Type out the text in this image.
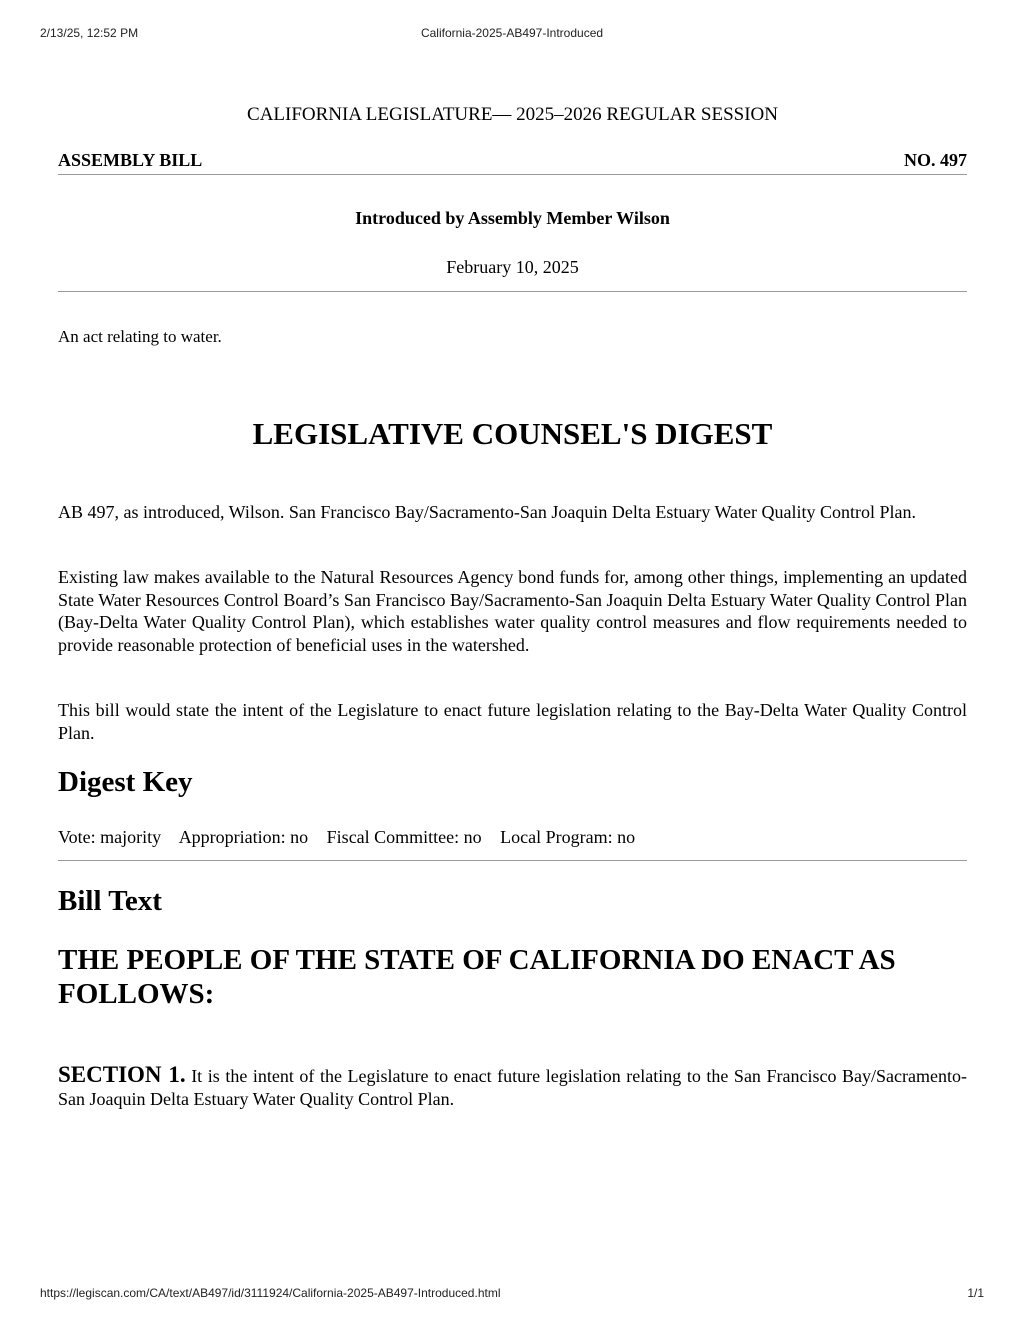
2/13/25, 12:52 PM	California-2025-AB497-Introduced
CALIFORNIA LEGISLATURE— 2025–2026 REGULAR SESSION
ASSEMBLY BILL	NO. 497
Introduced by Assembly Member Wilson
February 10, 2025
An act relating to water.
LEGISLATIVE COUNSEL'S DIGEST

AB 497, as introduced, Wilson. San Francisco Bay/Sacramento-San Joaquin Delta Estuary Water Quality Control Plan.

Existing law makes available to the Natural Resources Agency bond funds for, among other things, implementing an updated State Water Resources Control Board’s San Francisco Bay/Sacramento-San Joaquin Delta Estuary Water Quality Control Plan (Bay-Delta Water Quality Control Plan), which establishes water quality control measures and flow requirements needed to provide reasonable protection of beneficial uses in the watershed.

This bill would state the intent of the Legislature to enact future legislation relating to the Bay-Delta Water Quality Control Plan.

Digest Key
Vote: majority Appropriation: no Fiscal Committee: no Local Program: no
Bill Text
THE PEOPLE OF THE STATE OF CALIFORNIA DO ENACT AS FOLLOWS:

SECTION 1. It is the intent of the Legislature to enact future legislation relating to the San Francisco Bay/Sacramento-San Joaquin Delta Estuary Water Quality Control Plan.

https://legiscan.com/CA/text/AB497/id/3111924/California-2025-AB497-Introduced.html	1/1
